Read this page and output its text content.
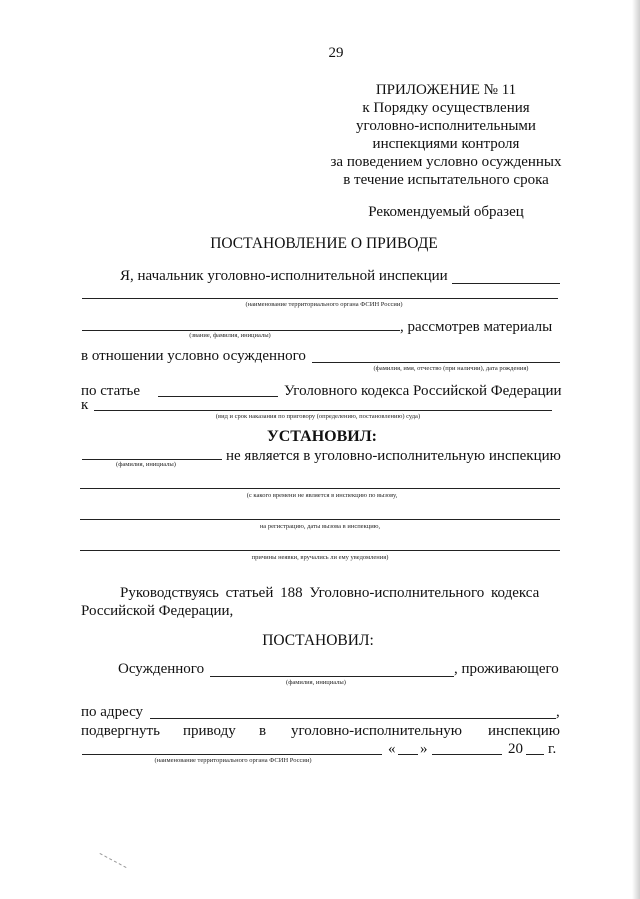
29
ПРИЛОЖЕНИЕ № 11
к Порядку осуществления
уголовно-исполнительными
инспекциями контроля
за поведением условно осужденных
в течение испытательного срока
Рекомендуемый образец
ПОСТАНОВЛЕНИЕ О ПРИВОДЕ
Я, начальник уголовно-исполнительной инспекции
(наименование территориального органа ФСИН России)
, рассмотрев материалы
(звание, фамилия, инициалы)
в отношении условно осужденного
(фамилия, имя, отчество (при наличии), дата рождения)
по статье	Уголовного кодекса Российской Федерации
к
(вид и срок наказания по приговору (определению, постановлению) суда)
УСТАНОВИЛ:
не является в уголовно-исполнительную инспекцию
(фамилия, инициалы)
(с какого времени не является в инспекцию по вызову,
на регистрацию, даты вызова в инспекцию,
причины неявки, вручались ли ему уведомления)
Руководствуясь статьей 188 Уголовно-исполнительного кодекса
Российской Федерации,
ПОСТАНОВИЛ:
Осужденного	, проживающего
(фамилия, инициалы)
по адресу	,
подвергнуть приводу в уголовно-исполнительную инспекцию
« »	20 г.
(наименование территориального органа ФСИН России)
